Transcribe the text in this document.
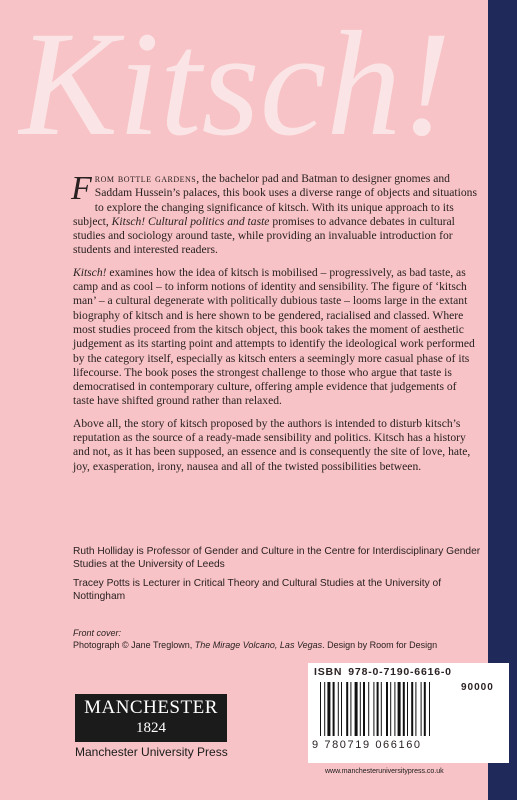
Kitsch!

From bottle gardens, the bachelor pad and Batman to designer gnomes and Saddam Hussein’s palaces, this book uses a diverse range of objects and situations to explore the changing significance of kitsch. With its unique approach to its subject, Kitsch! Cultural politics and taste promises to advance debates in cultural studies and sociology around taste, while providing an invaluable introduction for students and interested readers.

Kitsch! examines how the idea of kitsch is mobilised – progressively, as bad taste, as camp and as cool – to inform notions of identity and sensibility. The figure of ‘kitsch man’ – a cultural degenerate with politically dubious taste – looms large in the extant biography of kitsch and is here shown to be gendered, racialised and classed. Where most studies proceed from the kitsch object, this book takes the moment of aesthetic judgement as its starting point and attempts to identify the ideological work performed by the category itself, especially as kitsch enters a seemingly more casual phase of its lifecourse. The book poses the strongest challenge to those who argue that taste is democratised in contemporary culture, offering ample evidence that judgements of taste have shifted ground rather than relaxed.

Above all, the story of kitsch proposed by the authors is intended to disturb kitsch’s reputation as the source of a ready-made sensibility and politics. Kitsch has a history and not, as it has been supposed, an essence and is consequently the site of love, hate, joy, exasperation, irony, nausea and all of the twisted possibilities between.

Ruth Holliday is Professor of Gender and Culture in the Centre for Interdisciplinary Gender Studies at the University of Leeds

Tracey Potts is Lecturer in Critical Theory and Cultural Studies at the University of Nottingham

Front cover:

Photograph © Jane Treglown, The Mirage Volcano, Las Vegas. Design by Room for Design

MANCHESTER
1824
Manchester University Press
ISBN 978-0-7190-6616-0
90000
9 780719 066160
www.manchesteruniversitypress.co.uk
